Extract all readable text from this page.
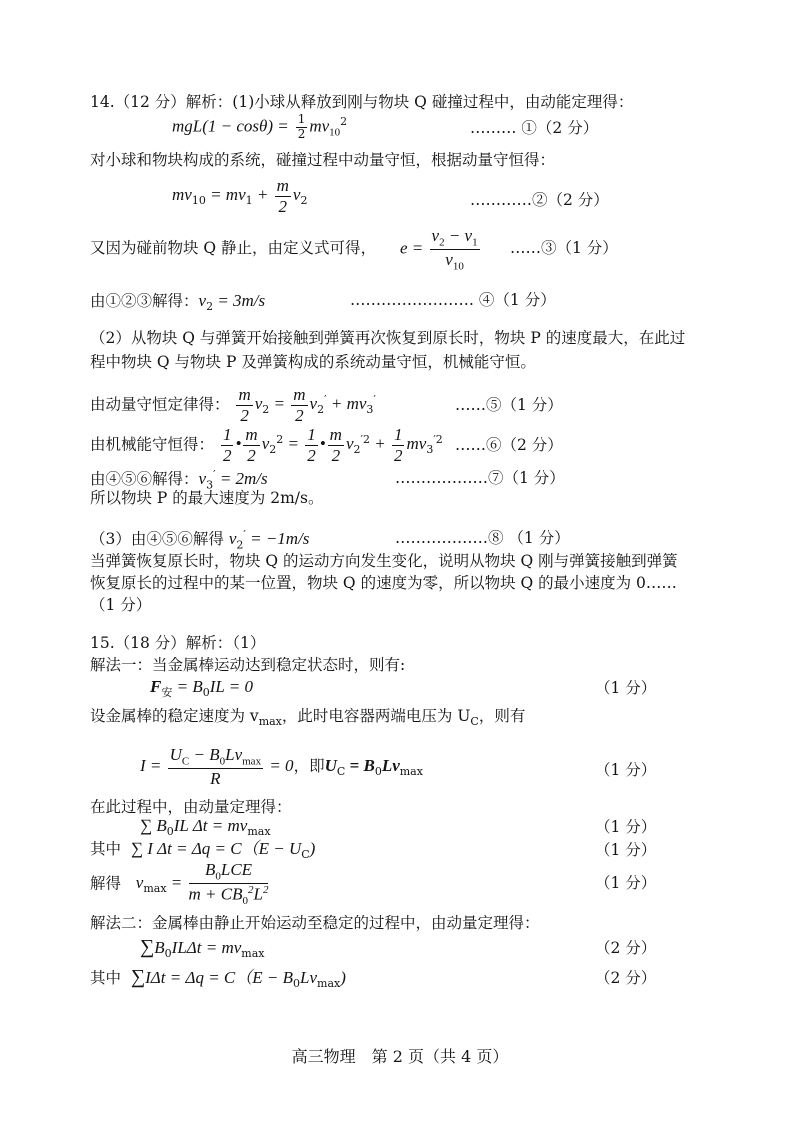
14.（12 分）解析：(1)小球从释放到刚与物块 Q 碰撞过程中，由动能定理得：
$mgL(1 - \cos\theta) = \frac{1}{2} mv_{10}^2$	……… ①（2 分）
对小球和物块构成的系统，碰撞过程中动量守恒，根据动量守恒得：
$mv_{10} = mv_1 + \frac{m}{2} v_2$	…………②（2 分）
又因为碰前物块 Q 静止，由定义式可得， $e = \frac{v_2 - v_1}{v_{10}}$ ……③（1 分）
由①②③解得：$v_2 = 3m/s$	…………………… ④（1 分）
（2）从物块 Q 与弹簧开始接触到弹簧再次恢复到原长时，物块 P 的速度最大，在此过
程中物块 Q 与物块 P 及弹簧构成的系统动量守恒，机械能守恒。
由动量守恒定律得： $\frac{m}{2} v_2 = \frac{m}{2} v_2' + mv_3'$	……⑤（1 分）
由机械能守恒得： $\frac{1}{2}$ • $\frac{m}{2} v_2^2 = \frac{1}{2}$ • $\frac{m}{2} v_2^{'2} + \frac{1}{2} mv_3^{'2}$ ……⑥（2 分）
由④⑤⑥解得：$v_3' = 2m/s$	………………⑦（1 分）
所以物块 P 的最大速度为 2m/s。
（3）由④⑤⑥解得 $v_2' = -1m/s$	………………⑧ （1 分）
当弹簧恢复原长时，物块 Q 的运动方向发生变化，说明从物块 Q 刚与弹簧接触到弹簧
恢复原长的过程中的某一位置，物块 Q 的速度为零，所以物块 Q 的最小速度为 0……
（1 分）
15.（18 分）解析：（1）
解法一：当金属棒运动达到稳定状态时，则有:
$F_安 = B_0IL = 0$	（1 分）
设金属棒的稳定速度为 $v_{max}$，此时电容器两端电压为 $U_C$，则有
$I = \frac{U_C - B_0Lv_{max}}{R} = 0$，即$U_C = B_0Lv_{max}$	（1 分）
在此过程中，由动量定理得：
∑ $B_0IL$ $\Delta t = mv_{max}$	（1 分）
其中 ∑ I $\Delta t = \Delta q = C(E - U_C)$	（1 分）
解得 $v_{max} = \frac{B_0LCE}{m + CB_0^2L^2}$	（1 分）
解法二：金属棒由静止开始运动至稳定的过程中，由动量定理得：
$\sum B_0IL\Delta t = mv_{max}$	（2 分）
其中 $\sum I\Delta t = \Delta q = C(E - B_0Lv_{max})$	（2 分）
高三物理　第 2 页（共 4 页）
